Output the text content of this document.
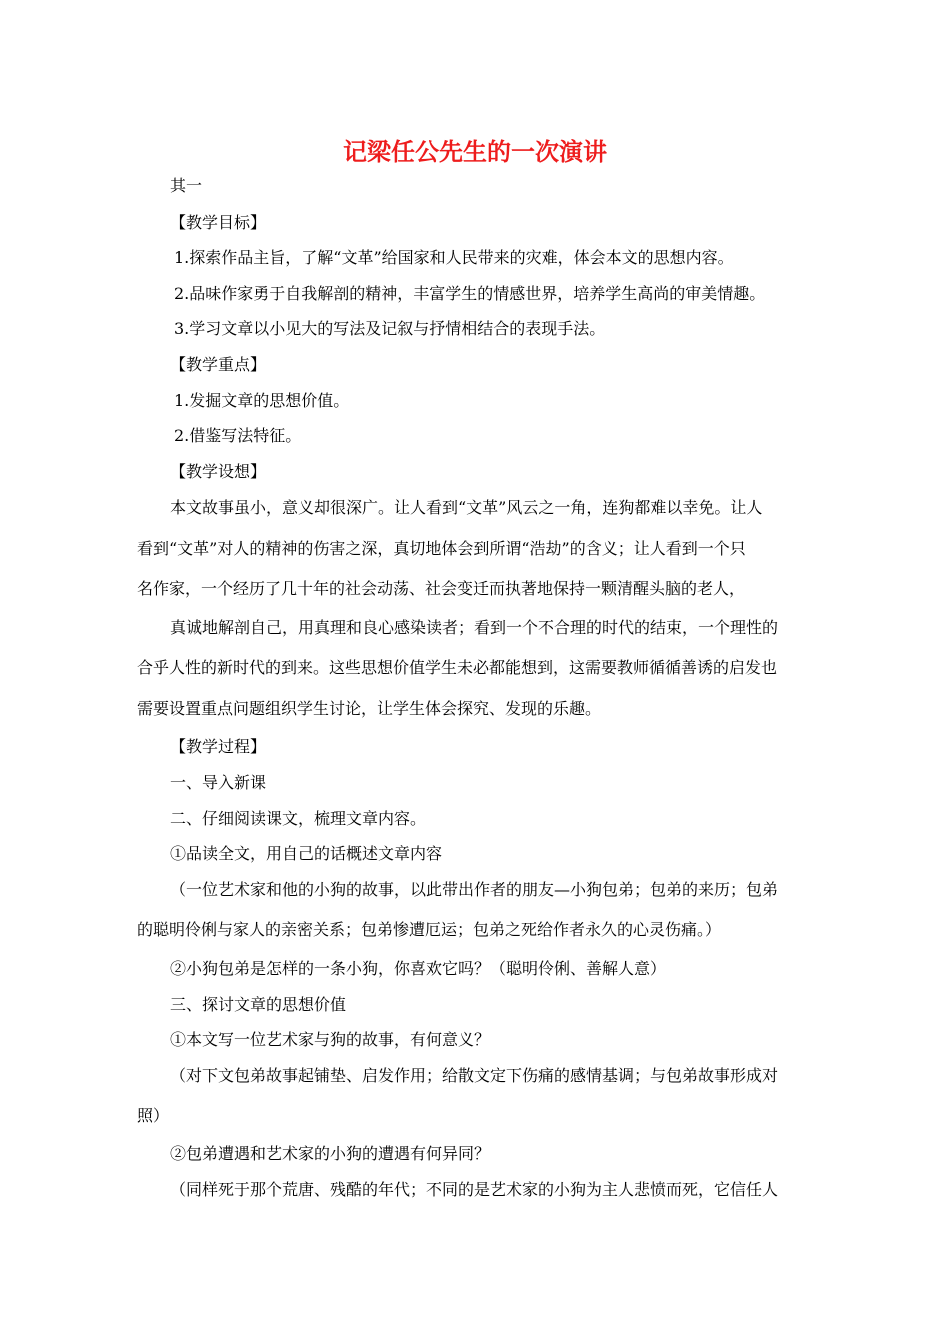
记梁任公先生的一次演讲
其一
【教学目标】
1.探索作品主旨，了解“文革”给国家和人民带来的灾难，体会本文的思想内容。
2.品味作家勇于自我解剖的精神，丰富学生的情感世界，培养学生高尚的审美情趣。
3.学习文章以小见大的写法及记叙与抒情相结合的表现手法。
【教学重点】
1.发掘文章的思想价值。
2.借鉴写法特征。
【教学设想】
本文故事虽小，意义却很深广。让人看到“文革”风云之一角，连狗都难以幸免。让人
看到“文革”对人的精神的伤害之深，真切地体会到所谓“浩劫”的含义；让人看到一个只
名作家，一个经历了几十年的社会动荡、社会变迁而执著地保持一颗清醒头脑的老人，
真诚地解剖自己，用真理和良心感染读者；看到一个不合理的时代的结束，一个理性的
合乎人性的新时代的到来。这些思想价值学生未必都能想到，这需要教师循循善诱的启发也
需要设置重点问题组织学生讨论，让学生体会探究、发现的乐趣。
【教学过程】
一、导入新课
二、仔细阅读课文，梳理文章内容。
①品读全文，用自己的话概述文章内容
（一位艺术家和他的小狗的故事，以此带出作者的朋友—小狗包弟；包弟的来历；包弟
的聪明伶俐与家人的亲密关系；包弟惨遭厄运；包弟之死给作者永久的心灵伤痛。）
②小狗包弟是怎样的一条小狗，你喜欢它吗？（聪明伶俐、善解人意）
三、探讨文章的思想价值
①本文写一位艺术家与狗的故事，有何意义？
（对下文包弟故事起铺垫、启发作用；给散文定下伤痛的感情基调；与包弟故事形成对
照）
②包弟遭遇和艺术家的小狗的遭遇有何异同？
（同样死于那个荒唐、残酷的年代；不同的是艺术家的小狗为主人悲愤而死，它信任人
